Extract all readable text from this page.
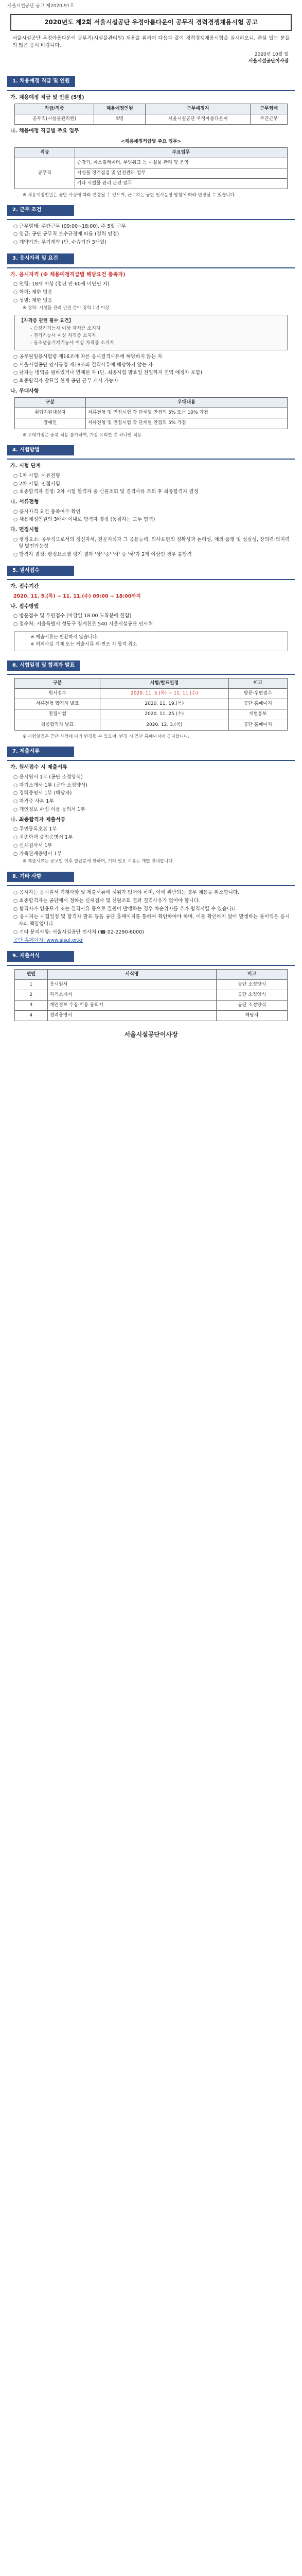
서울시설공단 공고 제2020-91호
2020년도 제2회 서울시설공단 우정아름다운이 공무직 경력경쟁채용시험 공고

서울시설공단 우정아름다운이 공무직(시설물관리원) 채용을 위하여 다음과 같이 경력경쟁채용시험을 실시하오니, 관심 있는 분들의 많은 응시 바랍니다.

2020년 10월 일
서울시설공단이사장
1. 채용예정 직급 및 인원
가. 채용예정 직급 및 인원 (5명)
직급/직종	채용예정인원	근무예정지	근무형태
공무직(시설물관리원)	5명	서울시설공단 우정아름다운이	주간근무
나. 채용예정 직급별 주요 업무
<채용예정직급별 주요 업무>
직급	주요업무
공무직	승강기, 에스컬레이터, 무빙워크 등 시설물 관리 및 운영
	시설물 정기점검 및 안전관리 업무
	기타 시설물 관리 관련 업무

※ 채용예정인원은 공단 사정에 따라 변경될 수 있으며, 근무지는 공단 인사운영 방침에 따라 변경될 수 있습니다.

2. 근무 조건

○ 근무형태: 주간근무 (09:00~18:00), 주 5일 근무

○ 임금: 공단 공무직 보수규정에 따름 (경력 인정)

○ 계약기간: 무기계약 (단, 수습기간 3개월)

3. 응시자격 및 요건
가. 응시자격 (※ 채용예정직급별 해당요건 충족자)

○ 연령: 18세 이상 (정년 만 60세 미만인 자)

○ 학력: 제한 없음

○ 성별: 제한 없음

※ 경력: 시설물 관리 관련 분야 경력 1년 이상

【자격증 관련 필수 요건】

- 승강기기능사 이상 자격증 소지자

- 전기기능사 이상 자격증 소지자

- 공조냉동기계기능사 이상 자격증 소지자

○ 공무원임용시험령 제16조에 따른 응시결격사유에 해당하지 않는 자

○ 서울시설공단 인사규정 제18조의 결격사유에 해당하지 않는 자

○ 남자는 병역을 필하였거나 면제된 자 (단, 최종시험 발표일 전일까지 전역 예정자 포함)

○ 최종합격자 발표일 현재 공단 근무 개시 가능자

나. 우대사항
구분	우대내용
취업지원대상자	서류전형 및 면접시험 각 단계별 만점의 5% 또는 10% 가점
장애인	서류전형 및 면접시험 각 단계별 만점의 5% 가점

※ 우대가점은 중복 적용 불가하며, 가장 유리한 것 하나만 적용

4. 시험방법
가. 시험 단계

○ 1차 시험: 서류전형

○ 2차 시험: 면접시험

○ 최종합격자 결정: 2차 시험 합격자 중 신원조회 및 결격사유 조회 후 최종합격자 결정

나. 서류전형

○ 응시자격 요건 충족여부 확인

○ 채용예정인원의 3배수 이내로 합격자 결정 (동점자는 모두 합격)

다. 면접시험

○ 평정요소: 공무직으로서의 정신자세, 전문지식과 그 응용능력, 의사표현의 정확성과 논리성, 예의·품행 및 성실성, 창의력·의지력 및 발전가능성

○ 합격자 결정: 평정요소별 평가 결과 '상'·'중'·'하' 중 '하'가 2개 이상인 경우 불합격

5. 원서접수
가. 접수기간

2020. 11. 5.(목) ~ 11. 11.(수) 09:00 ~ 18:00까지

나. 접수방법

○ 방문접수 및 우편접수 (마감일 18:00 도착분에 한함)

○ 접수처: 서울특별시 성동구 청계천로 540 서울시설공단 인사처

※ 제출서류는 반환하지 않습니다.

※ 허위사실 기재 또는 제출서류 위·변조 시 합격 취소

6. 시험일정 및 합격자 발표
구분	시험/발표일정	비고
원서접수	2020. 11. 5.(목) ~ 11. 11.(수)	방문·우편접수
서류전형 합격자 발표	2020. 11. 19.(목)	공단 홈페이지
면접시험	2020. 11. 25.(수)	개별통보
최종합격자 발표	2020. 12. 3.(목)	공단 홈페이지

※ 시험일정은 공단 사정에 따라 변경될 수 있으며, 변경 시 공단 홈페이지에 공지합니다.

7. 제출서류
가. 원서접수 시 제출서류

○ 응시원서 1부 (공단 소정양식)

○ 자기소개서 1부 (공단 소정양식)

○ 경력증명서 1부 (해당자)

○ 자격증 사본 1부

○ 개인정보 수집·이용 동의서 1부

나. 최종합격자 제출서류

○ 주민등록초본 1부

○ 최종학력 졸업증명서 1부

○ 신체검사서 1부

○ 가족관계증명서 1부

※ 제출서류는 공고일 이후 발급분에 한하며, 기타 필요 서류는 개별 안내합니다.

8. 기타 사항

○ 응시자는 응시원서 기재사항 및 제출서류에 허위가 없어야 하며, 이에 위반되는 경우 채용을 취소합니다.

○ 최종합격자는 공단에서 정하는 신체검사 및 신원조회 결과 결격사유가 없어야 합니다.

○ 합격자가 임용포기 또는 결격사유 등으로 결원이 발생하는 경우 차순위자를 추가 합격시킬 수 있습니다.

○ 응시자는 시험일정 및 합격자 발표 등을 공단 홈페이지를 통하여 확인하여야 하며, 이를 확인하지 않아 발생하는 불이익은 응시자의 책임입니다.

○ 기타 문의사항: 서울시설공단 인사처 (☎ 02-2290-6000)

공단 홈페이지: www.sisul.or.kr

9. 제출서식
연번	서식명	비고
1	응시원서	공단 소정양식
2	자기소개서	공단 소정양식
3	개인정보 수집·이용 동의서	공단 소정양식
4	경력증명서	해당자
서울시설공단이사장
